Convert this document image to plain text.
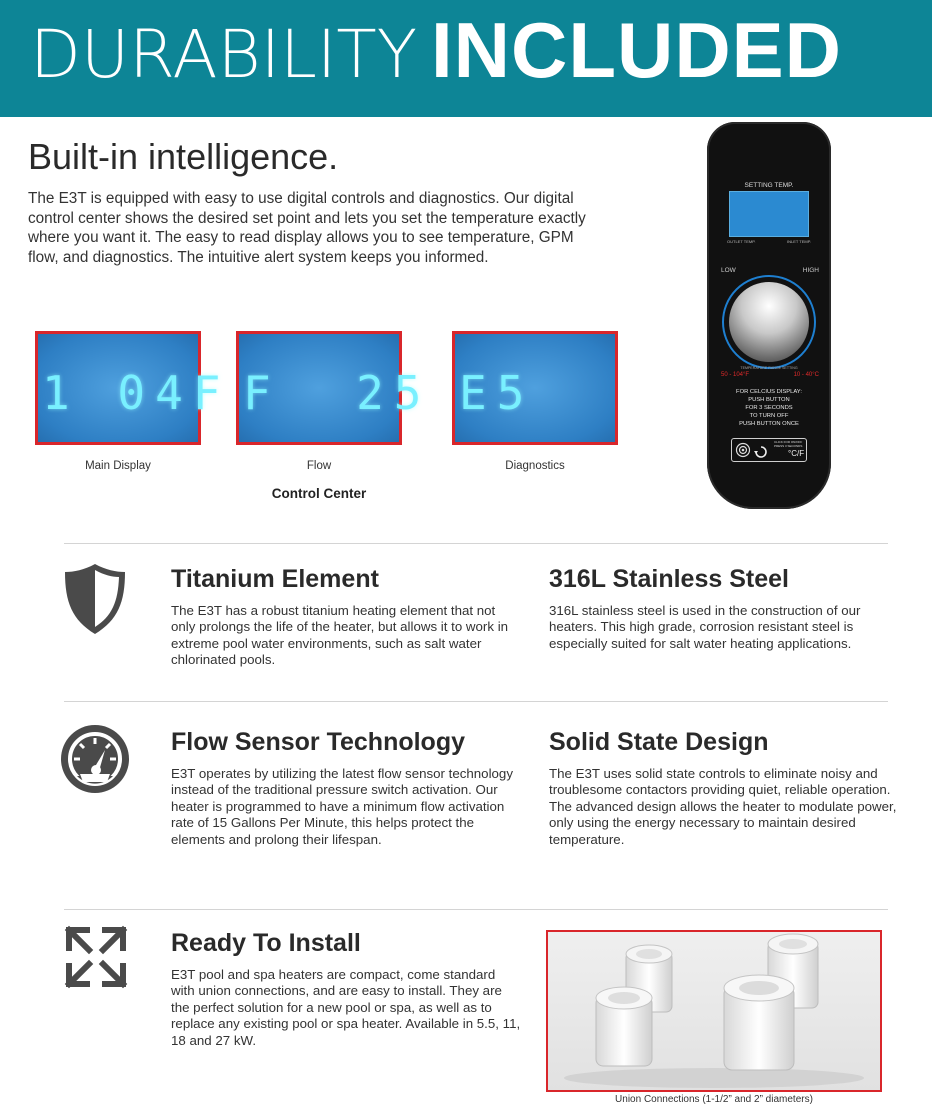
DURABILITY INCLUDED
Built-in intelligence.

The E3T is equipped with easy to use digital controls and diagnostics. Our digital control center shows the desired set point and lets you set the temperature exactly where you want it. The easy to read display allows you to see temperature, GPM flow, and diagnostics. The intuitive alert system keeps you informed.

1 04F
Main Display
F  25
Flow
E5
Diagnostics
Control Center
SETTING TEMP.
OUTLET TEMP.	INLET TEMP.
LOW	HIGH
TEMPERATURE RANGE SETTING
50 - 104°F	10 - 40°C
FOR CELCIUS DISPLAY:
PUSH BUTTON
FOR 3 SECONDS
TO TURN OFF
PUSH BUTTON ONCE
CLICK FOR ON/OFF
PRESS 3 SECONDS
°C/F
Titanium Element
The E3T has a robust titanium heating element that not only prolongs the life of the heater, but allows it to work in extreme pool water environments, such as salt water chlorinated pools.
316L Stainless Steel
316L stainless steel is used in the construction of our heaters. This high grade, corrosion resistant steel is especially suited for salt water heating applications.
Flow Sensor Technology
E3T operates by utilizing the latest flow sensor technology instead of the traditional pressure switch activation. Our heater is programmed to have a minimum flow activation rate of 15 Gallons Per Minute, this helps protect the elements and prolong their lifespan.
Solid State Design
The E3T uses solid state controls to eliminate noisy and troublesome contactors providing quiet, reliable operation. The advanced design allows the heater to modulate power, only using the energy necessary to maintain desired temperature.
Ready To Install
E3T pool and spa heaters are compact, come standard with union connections, and are easy to install. They are the perfect solution for a new pool or spa, as well as to replace any existing pool or spa heater. Available in 5.5, 11, 18 and 27 kW.
Union Connections (1-1/2” and 2” diameters)
